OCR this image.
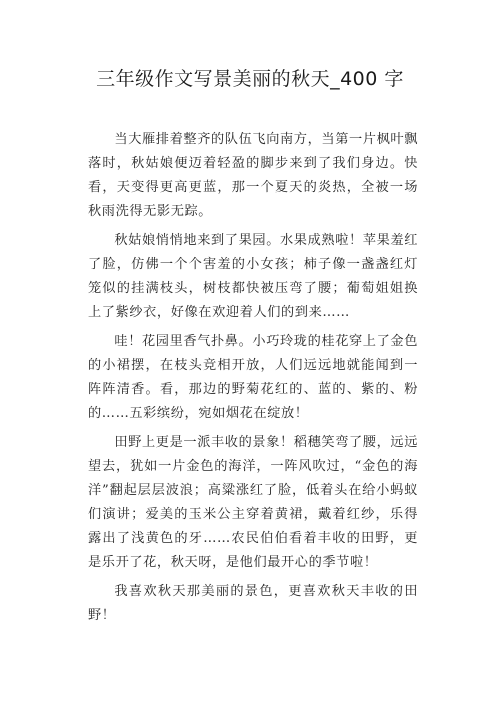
三年级作文写景美丽的秋天_400 字

当大雁排着整齐的队伍飞向南方，当第一片枫叶飘落时，秋姑娘便迈着轻盈的脚步来到了我们身边。快看，天变得更高更蓝，那一个夏天的炎热，全被一场秋雨洗得无影无踪。

秋姑娘悄悄地来到了果园。水果成熟啦！苹果羞红了脸，仿佛一个个害羞的小女孩；柿子像一盏盏红灯笼似的挂满枝头，树枝都快被压弯了腰；葡萄姐姐换上了紫纱衣，好像在欢迎着人们的到来……

哇！花园里香气扑鼻。小巧玲珑的桂花穿上了金色的小裙摆，在枝头竞相开放，人们远远地就能闻到一阵阵清香。看，那边的野菊花红的、蓝的、紫的、粉的……五彩缤纷，宛如烟花在绽放！

田野上更是一派丰收的景象！稻穗笑弯了腰，远远望去，犹如一片金色的海洋，一阵风吹过，“金色的海洋”翻起层层波浪；高粱涨红了脸，低着头在给小蚂蚁们演讲；爱美的玉米公主穿着黄裙，戴着红纱，乐得露出了浅黄色的牙……农民伯伯看着丰收的田野，更是乐开了花，秋天呀，是他们最开心的季节啦！

我喜欢秋天那美丽的景色，更喜欢秋天丰收的田野！
